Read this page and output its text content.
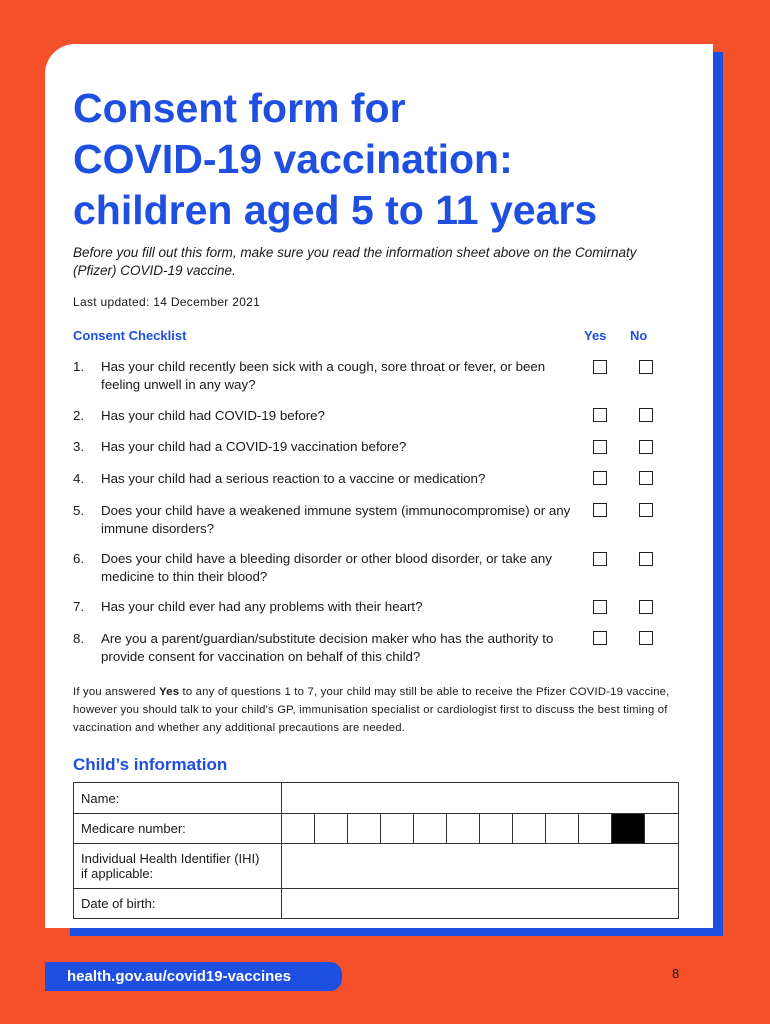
Consent form for
COVID-19 vaccination:
children aged 5 to 11 years

Before you fill out this form, make sure you read the information sheet above on the Comirnaty (Pfizer) COVID-19 vaccine.

Last updated: 14 December 2021

Consent Checklist	Yes No
1. Has your child recently been sick with a cough, sore throat or fever, or been feeling unwell in any way?
2. Has your child had COVID-19 before?
3. Has your child had a COVID-19 vaccination before?
4. Has your child had a serious reaction to a vaccine or medication?
5. Does your child have a weakened immune system (immunocompromise) or any immune disorders?
6. Does your child have a bleeding disorder or other blood disorder, or take any medicine to thin their blood?
7. Has your child ever had any problems with their heart?
8. Are you a parent/guardian/substitute decision maker who has the authority to provide consent for vaccination on behalf of this child?

If you answered Yes to any of questions 1 to 7, your child may still be able to receive the Pfizer COVID-19 vaccine, however you should talk to your child's GP, immunisation specialist or cardiologist first to discuss the best timing of vaccination and whether any additional precautions are needed.

Child’s information
Name:	
Medicare number:	

Individual Health Identifier (IHI)
if applicable:	

Date of birth:	
health.gov.au/covid19-vaccines	8
